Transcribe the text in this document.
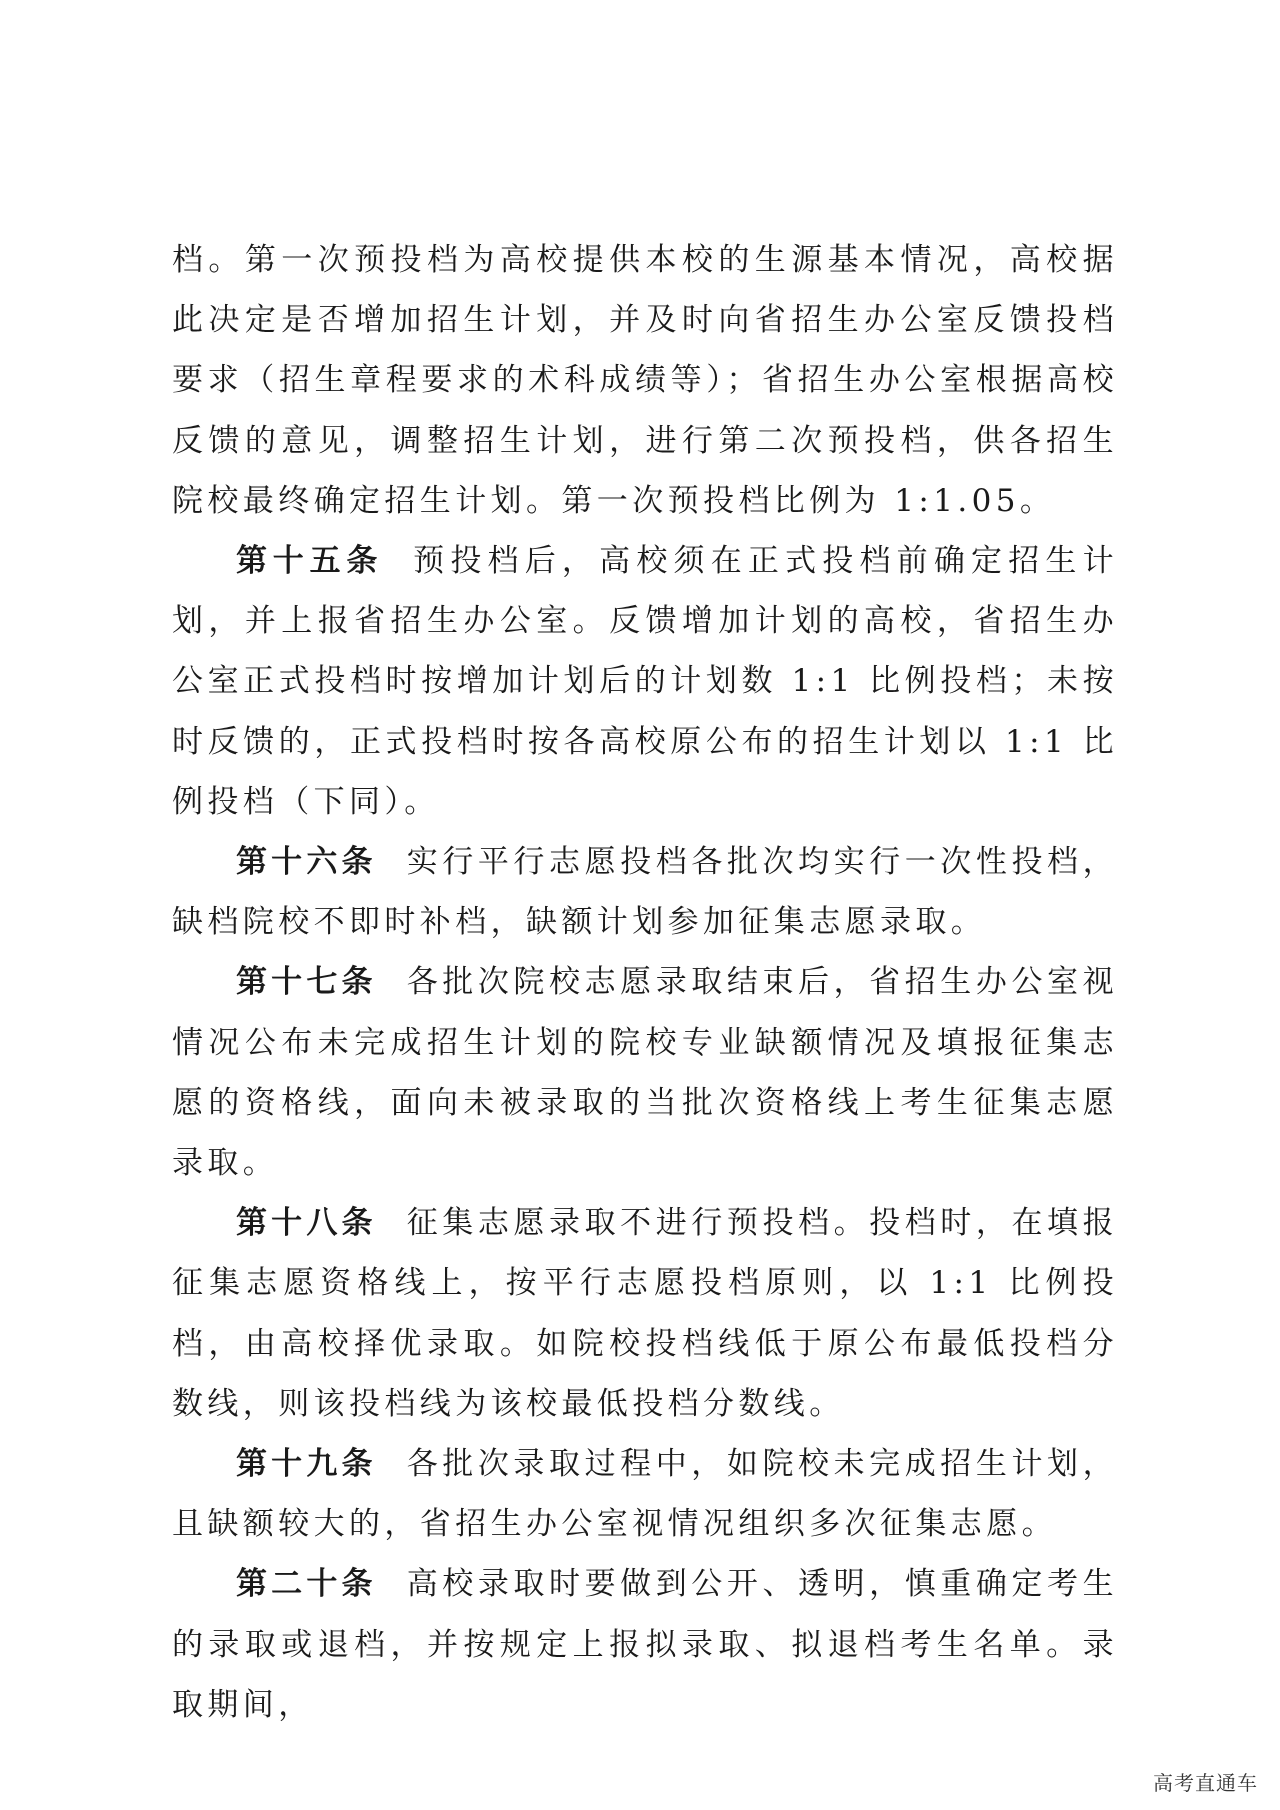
档。第一次预投档为高校提供本校的生源基本情况，高校据此决定是否增加招生计划，并及时向省招生办公室反馈投档要求（招生章程要求的术科成绩等）；省招生办公室根据高校反馈的意见，调整招生计划，进行第二次预投档，供各招生院校最终确定招生计划。第一次预投档比例为 1:1.05。

第十五条 预投档后，高校须在正式投档前确定招生计划，并上报省招生办公室。反馈增加计划的高校，省招生办公室正式投档时按增加计划后的计划数 1:1 比例投档；未按时反馈的，正式投档时按各高校原公布的招生计划以 1:1 比例投档（下同）。

第十六条 实行平行志愿投档各批次均实行一次性投档，缺档院校不即时补档，缺额计划参加征集志愿录取。

第十七条 各批次院校志愿录取结束后，省招生办公室视情况公布未完成招生计划的院校专业缺额情况及填报征集志愿的资格线，面向未被录取的当批次资格线上考生征集志愿录取。

第十八条 征集志愿录取不进行预投档。投档时，在填报征集志愿资格线上，按平行志愿投档原则，以 1:1 比例投档，由高校择优录取。如院校投档线低于原公布最低投档分数线，则该投档线为该校最低投档分数线。

第十九条 各批次录取过程中，如院校未完成招生计划，且缺额较大的，省招生办公室视情况组织多次征集志愿。

第二十条 高校录取时要做到公开、透明，慎重确定考生的录取或退档，并按规定上报拟录取、拟退档考生名单。录取期间，

高考直通车
